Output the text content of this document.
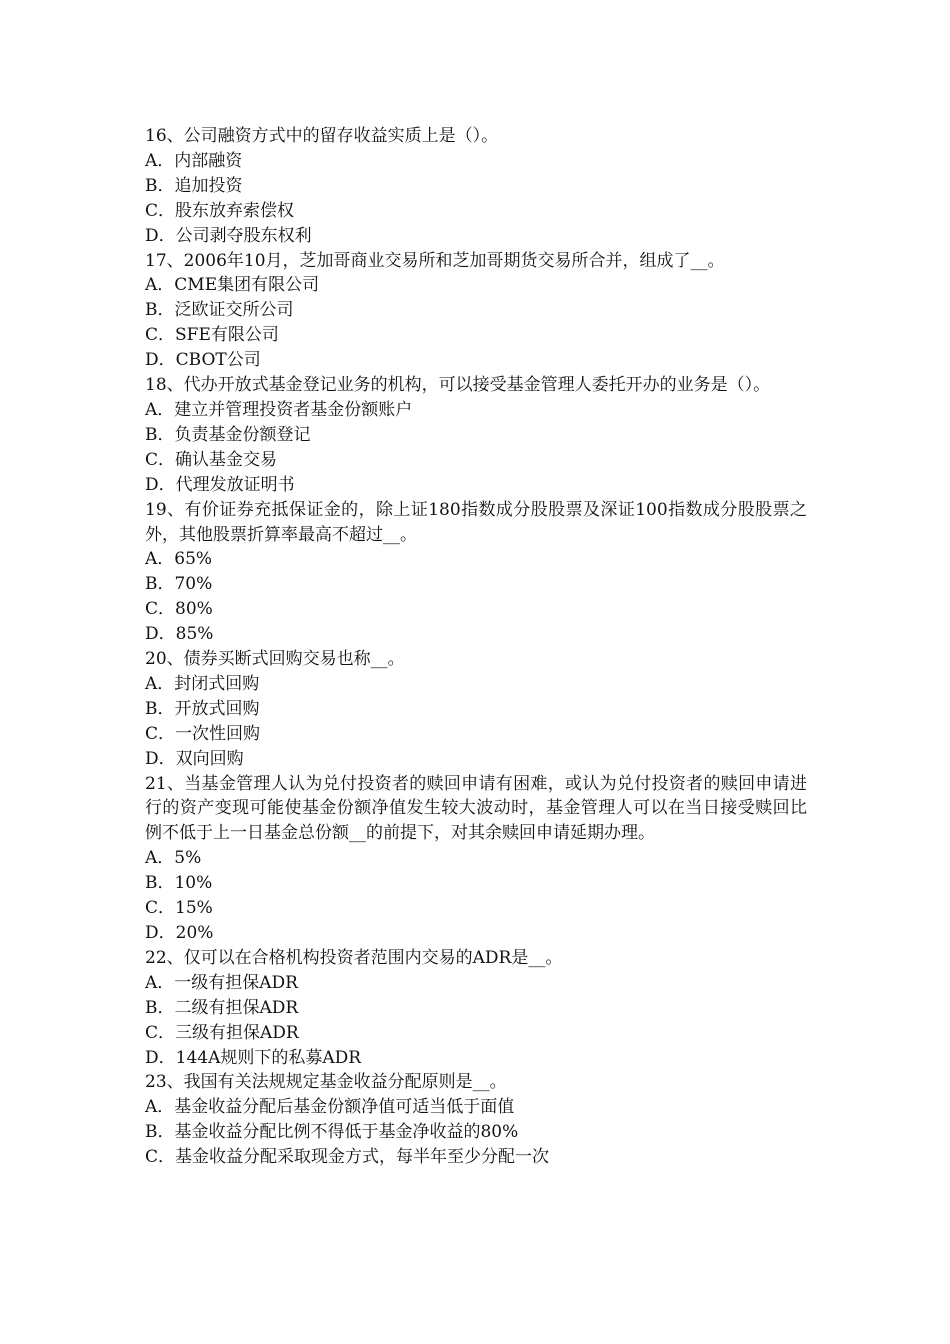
16、公司融资方式中的留存收益实质上是（）。

A．内部融资

B．追加投资

C．股东放弃索偿权

D．公司剥夺股东权利

17、2006年10月，芝加哥商业交易所和芝加哥期货交易所合并，组成了__。

A．CME集团有限公司

B．泛欧证交所公司

C．SFE有限公司

D．CBOT公司

18、代办开放式基金登记业务的机构，可以接受基金管理人委托开办的业务是（）。

A．建立并管理投资者基金份额账户

B．负责基金份额登记

C．确认基金交易

D．代理发放证明书

19、有价证券充抵保证金的，除上证180指数成分股股票及深证100指数成分股股票之外，其他股票折算率最高不超过__。

A．65%

B．70%

C．80%

D．85%

20、债券买断式回购交易也称__。

A．封闭式回购

B．开放式回购

C．一次性回购

D．双向回购

21、当基金管理人认为兑付投资者的赎回申请有困难，或认为兑付投资者的赎回申请进行的资产变现可能使基金份额净值发生较大波动时，基金管理人可以在当日接受赎回比例不低于上一日基金总份额__的前提下，对其余赎回申请延期办理。

A．5%

B．10%

C．15%

D．20%

22、仅可以在合格机构投资者范围内交易的ADR是__。

A．一级有担保ADR

B．二级有担保ADR

C．三级有担保ADR

D．144A规则下的私募ADR

23、我国有关法规规定基金收益分配原则是__。

A．基金收益分配后基金份额净值可适当低于面值

B．基金收益分配比例不得低于基金净收益的80%

C．基金收益分配采取现金方式，每半年至少分配一次
